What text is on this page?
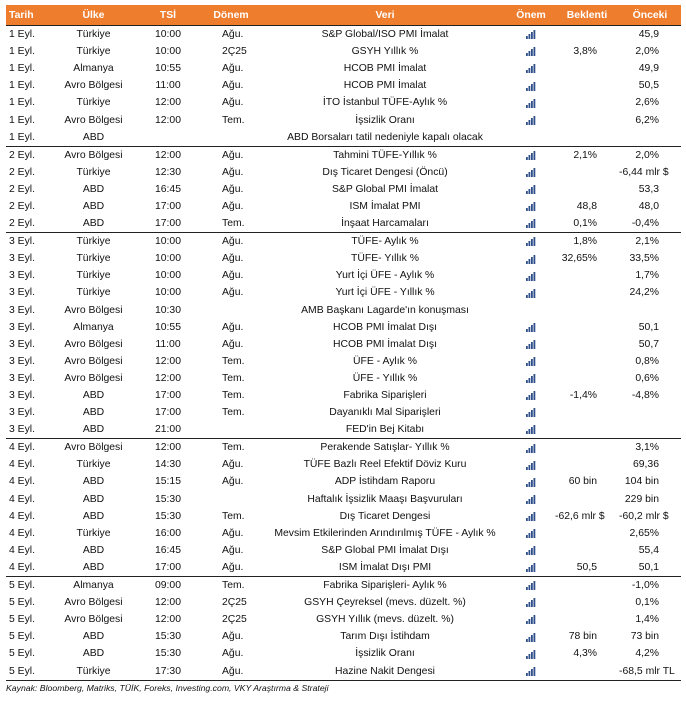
Tarih	Ülke	TSİ	Dönem	Veri	Önem	Beklenti	Önceki
1 Eyl.	Türkiye	10:00	Ağu.	S&P Global/ISO PMI İmalat			45,9
1 Eyl.	Türkiye	10:00	2Ç25	GSYH Yıllık %		3,8%	2,0%
1 Eyl.	Almanya	10:55	Ağu.	HCOB PMI İmalat			49,9
1 Eyl.	Avro Bölgesi	11:00	Ağu.	HCOB PMI İmalat			50,5
1 Eyl.	Türkiye	12:00	Ağu.	İTO İstanbul TÜFE-Aylık %			2,6%
1 Eyl.	Avro Bölgesi	12:00	Tem.	İşsizlik Oranı			6,2%
1 Eyl.	ABD			ABD Borsaları tatil nedeniyle kapalı olacak			
2 Eyl.	Avro Bölgesi	12:00	Ağu.	Tahmini TÜFE-Yıllık %		2,1%	2,0%
2 Eyl.	Türkiye	12:30	Ağu.	Dış Ticaret Dengesi (Öncü)			-6,44 mlr $
2 Eyl.	ABD	16:45	Ağu.	S&P Global PMI İmalat			53,3
2 Eyl.	ABD	17:00	Ağu.	ISM İmalat PMI		48,8	48,0
2 Eyl.	ABD	17:00	Tem.	İnşaat Harcamaları		0,1%	-0,4%
3 Eyl.	Türkiye	10:00	Ağu.	TÜFE- Aylık %		1,8%	2,1%
3 Eyl.	Türkiye	10:00	Ağu.	TÜFE- Yıllık %		32,65%	33,5%
3 Eyl.	Türkiye	10:00	Ağu.	Yurt İçi ÜFE - Aylık %			1,7%
3 Eyl.	Türkiye	10:00	Ağu.	Yurt İçi ÜFE - Yıllık %			24,2%
3 Eyl.	Avro Bölgesi	10:30		AMB Başkanı Lagarde'ın konuşması			
3 Eyl.	Almanya	10:55	Ağu.	HCOB PMI İmalat Dışı			50,1
3 Eyl.	Avro Bölgesi	11:00	Ağu.	HCOB PMI İmalat Dışı			50,7
3 Eyl.	Avro Bölgesi	12:00	Tem.	ÜFE - Aylık %			0,8%
3 Eyl.	Avro Bölgesi	12:00	Tem.	ÜFE - Yıllık %			0,6%
3 Eyl.	ABD	17:00	Tem.	Fabrika Siparişleri		-1,4%	-4,8%
3 Eyl.	ABD	17:00	Tem.	Dayanıklı Mal Siparişleri			
3 Eyl.	ABD	21:00		FED'in Bej Kitabı			
4 Eyl.	Avro Bölgesi	12:00	Tem.	Perakende Satışlar- Yıllık %			3,1%
4 Eyl.	Türkiye	14:30	Ağu.	TÜFE Bazlı Reel Efektif Döviz Kuru			69,36
4 Eyl.	ABD	15:15	Ağu.	ADP İstihdam Raporu		60 bin	104 bin
4 Eyl.	ABD	15:30		Haftalık İşsizlik Maaşı Başvuruları			229 bin
4 Eyl.	ABD	15:30	Tem.	Dış Ticaret Dengesi		-62,6 mlr $	-60,2 mlr $
4 Eyl.	Türkiye	16:00	Ağu.	Mevsim Etkilerinden Arındırılmış TÜFE - Aylık %			2,65%
4 Eyl.	ABD	16:45	Ağu.	S&P Global PMI İmalat Dışı			55,4
4 Eyl.	ABD	17:00	Ağu.	ISM İmalat Dışı PMI		50,5	50,1
5 Eyl.	Almanya	09:00	Tem.	Fabrika Siparişleri- Aylık %			-1,0%
5 Eyl.	Avro Bölgesi	12:00	2Ç25	GSYH Çeyreksel (mevs. düzelt. %)			0,1%
5 Eyl.	Avro Bölgesi	12:00	2Ç25	GSYH Yıllık (mevs. düzelt. %)			1,4%
5 Eyl.	ABD	15:30	Ağu.	Tarım Dışı İstihdam		78 bin	73 bin
5 Eyl.	ABD	15:30	Ağu.	İşsizlik Oranı		4,3%	4,2%
5 Eyl.	Türkiye	17:30	Ağu.	Hazine Nakit Dengesi			-68,5 mlr TL
Kaynak: Bloomberg, Matriks, TÜİK, Foreks, Investing.com, VKY Araştırma & Strateji
